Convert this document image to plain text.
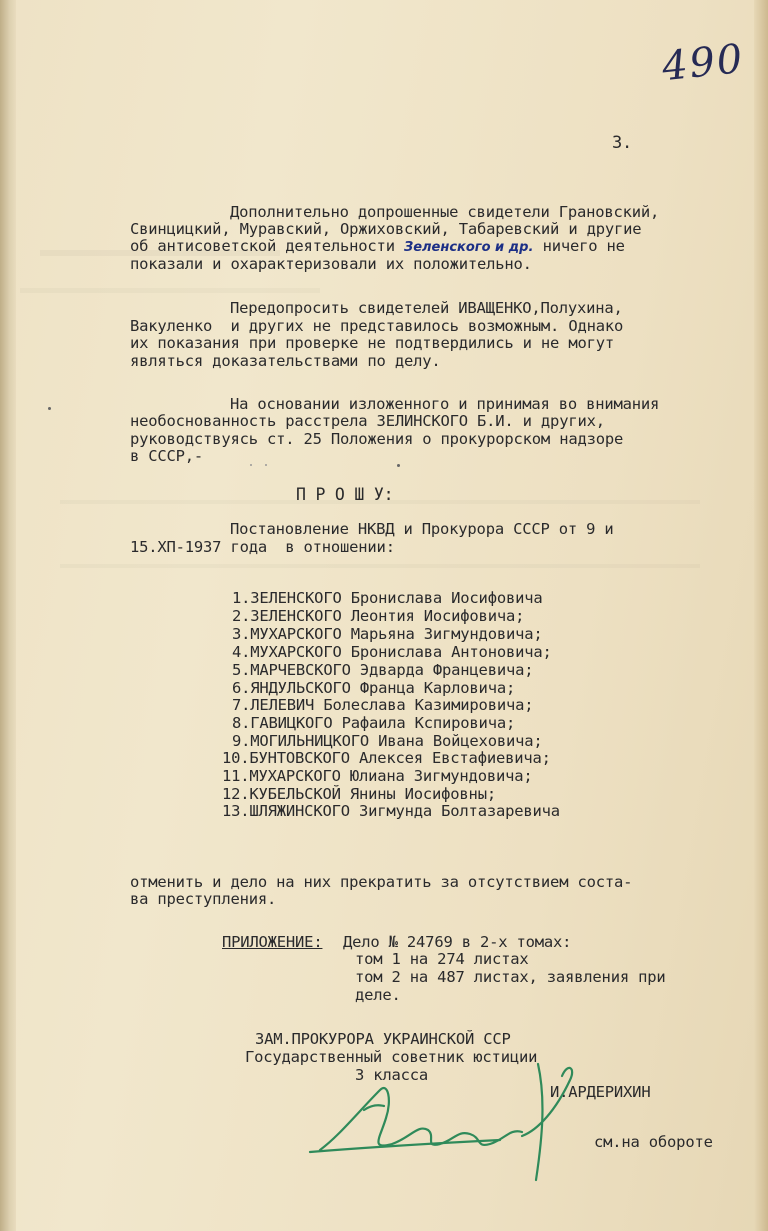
490

3.

Дополнительно допрошенные свидетели Грановский,

Свинцицкий, Муравский, Оржиховский, Табаревский и другие

об антисоветской деятельности Зеленского и др. ничего не

показали и охарактеризовали их положительно.

Передопросить свидетелей ИВАЩЕНКО,Полухина,

Вакуленко  и других не представилось возможным. Однако

их показания при проверке не подтвердились и не могут

являться доказательствами по делу.

На основании изложенного и принимая во внимания

необоснованность расстрела ЗЕЛИНСКОГО Б.И. и других,

руководствуясь ст. 25 Положения о прокурорском надзоре

в СССР,-

П Р О Ш У:

Постановление НКВД и Прокурора СССР от 9 и

15.ХП-1937 года  в отношении:

1.ЗЕЛЕНСКОГО Бронислава Иосифовича

2.ЗЕЛЕНСКОГО Леонтия Иосифовича;

3.МУХАРСКОГО Марьяна Зигмундовича;

4.МУХАРСКОГО Бронислава Антоновича;

5.МАРЧЕВСКОГО Эдварда Францевича;

6.ЯНДУЛЬСКОГО Франца Карловича;

7.ЛЕЛЕВИЧ Болеслава Казимировича;

8.ГАВИЦКОГО Рафаила Кспировича;

9.МОГИЛЬНИЦКОГО Ивана Войцеховича;

10.БУНТОВСКОГО Алексея Евстафиевича;

11.МУХАРСКОГО Юлиана Зигмундовича;

12.КУБЕЛЬСКОЙ Янины Иосифовны;

13.ШЛЯЖИНСКОГО Зигмунда Болтазаревича

отменить и дело на них прекратить за отсутствием соста-

ва преступления.

ПРИЛОЖЕНИЕ: Дело № 24769 в 2-х томах:

том 1 на 274 листах

том 2 на 487 листах, заявления при

деле.

ЗАМ.ПРОКУРОРА УКРАИНСКОЙ ССР

Государственный советник юстиции

3 класса

И.АРДЕРИХИН

см.на обороте
